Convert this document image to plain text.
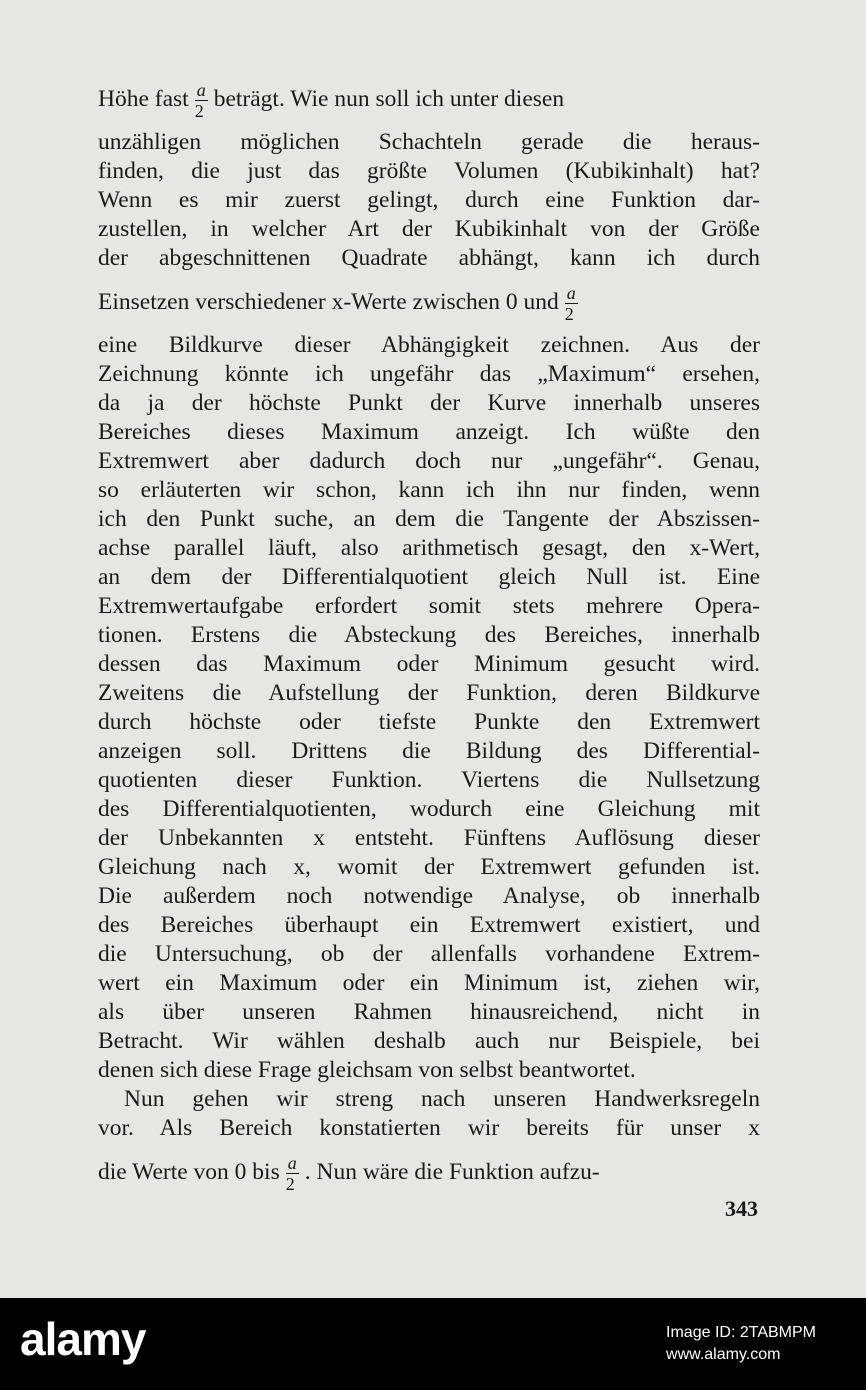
Höhe fast $\frac{a}{2}$ beträgt. Wie nun soll ich unter diesen
unzähligen möglichen Schachteln gerade die heraus-
finden, die just das größte Volumen (Kubikinhalt) hat?
Wenn es mir zuerst gelingt, durch eine Funktion dar-
zustellen, in welcher Art der Kubikinhalt von der Größe
der abgeschnittenen Quadrate abhängt, kann ich durch
Einsetzen verschiedener x-Werte zwischen 0 und $\frac{a}{2}$
eine Bildkurve dieser Abhängigkeit zeichnen. Aus der
Zeichnung könnte ich ungefähr das „Maximum“ ersehen,
da ja der höchste Punkt der Kurve innerhalb unseres
Bereiches dieses Maximum anzeigt. Ich wüßte den
Extremwert aber dadurch doch nur „ungefähr“. Genau,
so erläuterten wir schon, kann ich ihn nur finden, wenn
ich den Punkt suche, an dem die Tangente der Abszissen-
achse parallel läuft, also arithmetisch gesagt, den x-Wert,
an dem der Differentialquotient gleich Null ist. Eine
Extremwertaufgabe erfordert somit stets mehrere Opera-
tionen. Erstens die Absteckung des Bereiches, innerhalb
dessen das Maximum oder Minimum gesucht wird.
Zweitens die Aufstellung der Funktion, deren Bildkurve
durch höchste oder tiefste Punkte den Extremwert
anzeigen soll. Drittens die Bildung des Differential-
quotienten dieser Funktion. Viertens die Nullsetzung
des Differentialquotienten, wodurch eine Gleichung mit
der Unbekannten x entsteht. Fünftens Auflösung dieser
Gleichung nach x, womit der Extremwert gefunden ist.
Die außerdem noch notwendige Analyse, ob innerhalb
des Bereiches überhaupt ein Extremwert existiert, und
die Untersuchung, ob der allenfalls vorhandene Extrem-
wert ein Maximum oder ein Minimum ist, ziehen wir,
als über unseren Rahmen hinausreichend, nicht in
Betracht. Wir wählen deshalb auch nur Beispiele, bei
denen sich diese Frage gleichsam von selbst beantwortet.
Nun gehen wir streng nach unseren Handwerksregeln
vor. Als Bereich konstatierten wir bereits für unser x
die Werte von 0 bis $\frac{a}{2}$ . Nun wäre die Funktion aufzu-
343
alamy	Image ID: 2TABMPM
www.alamy.com
